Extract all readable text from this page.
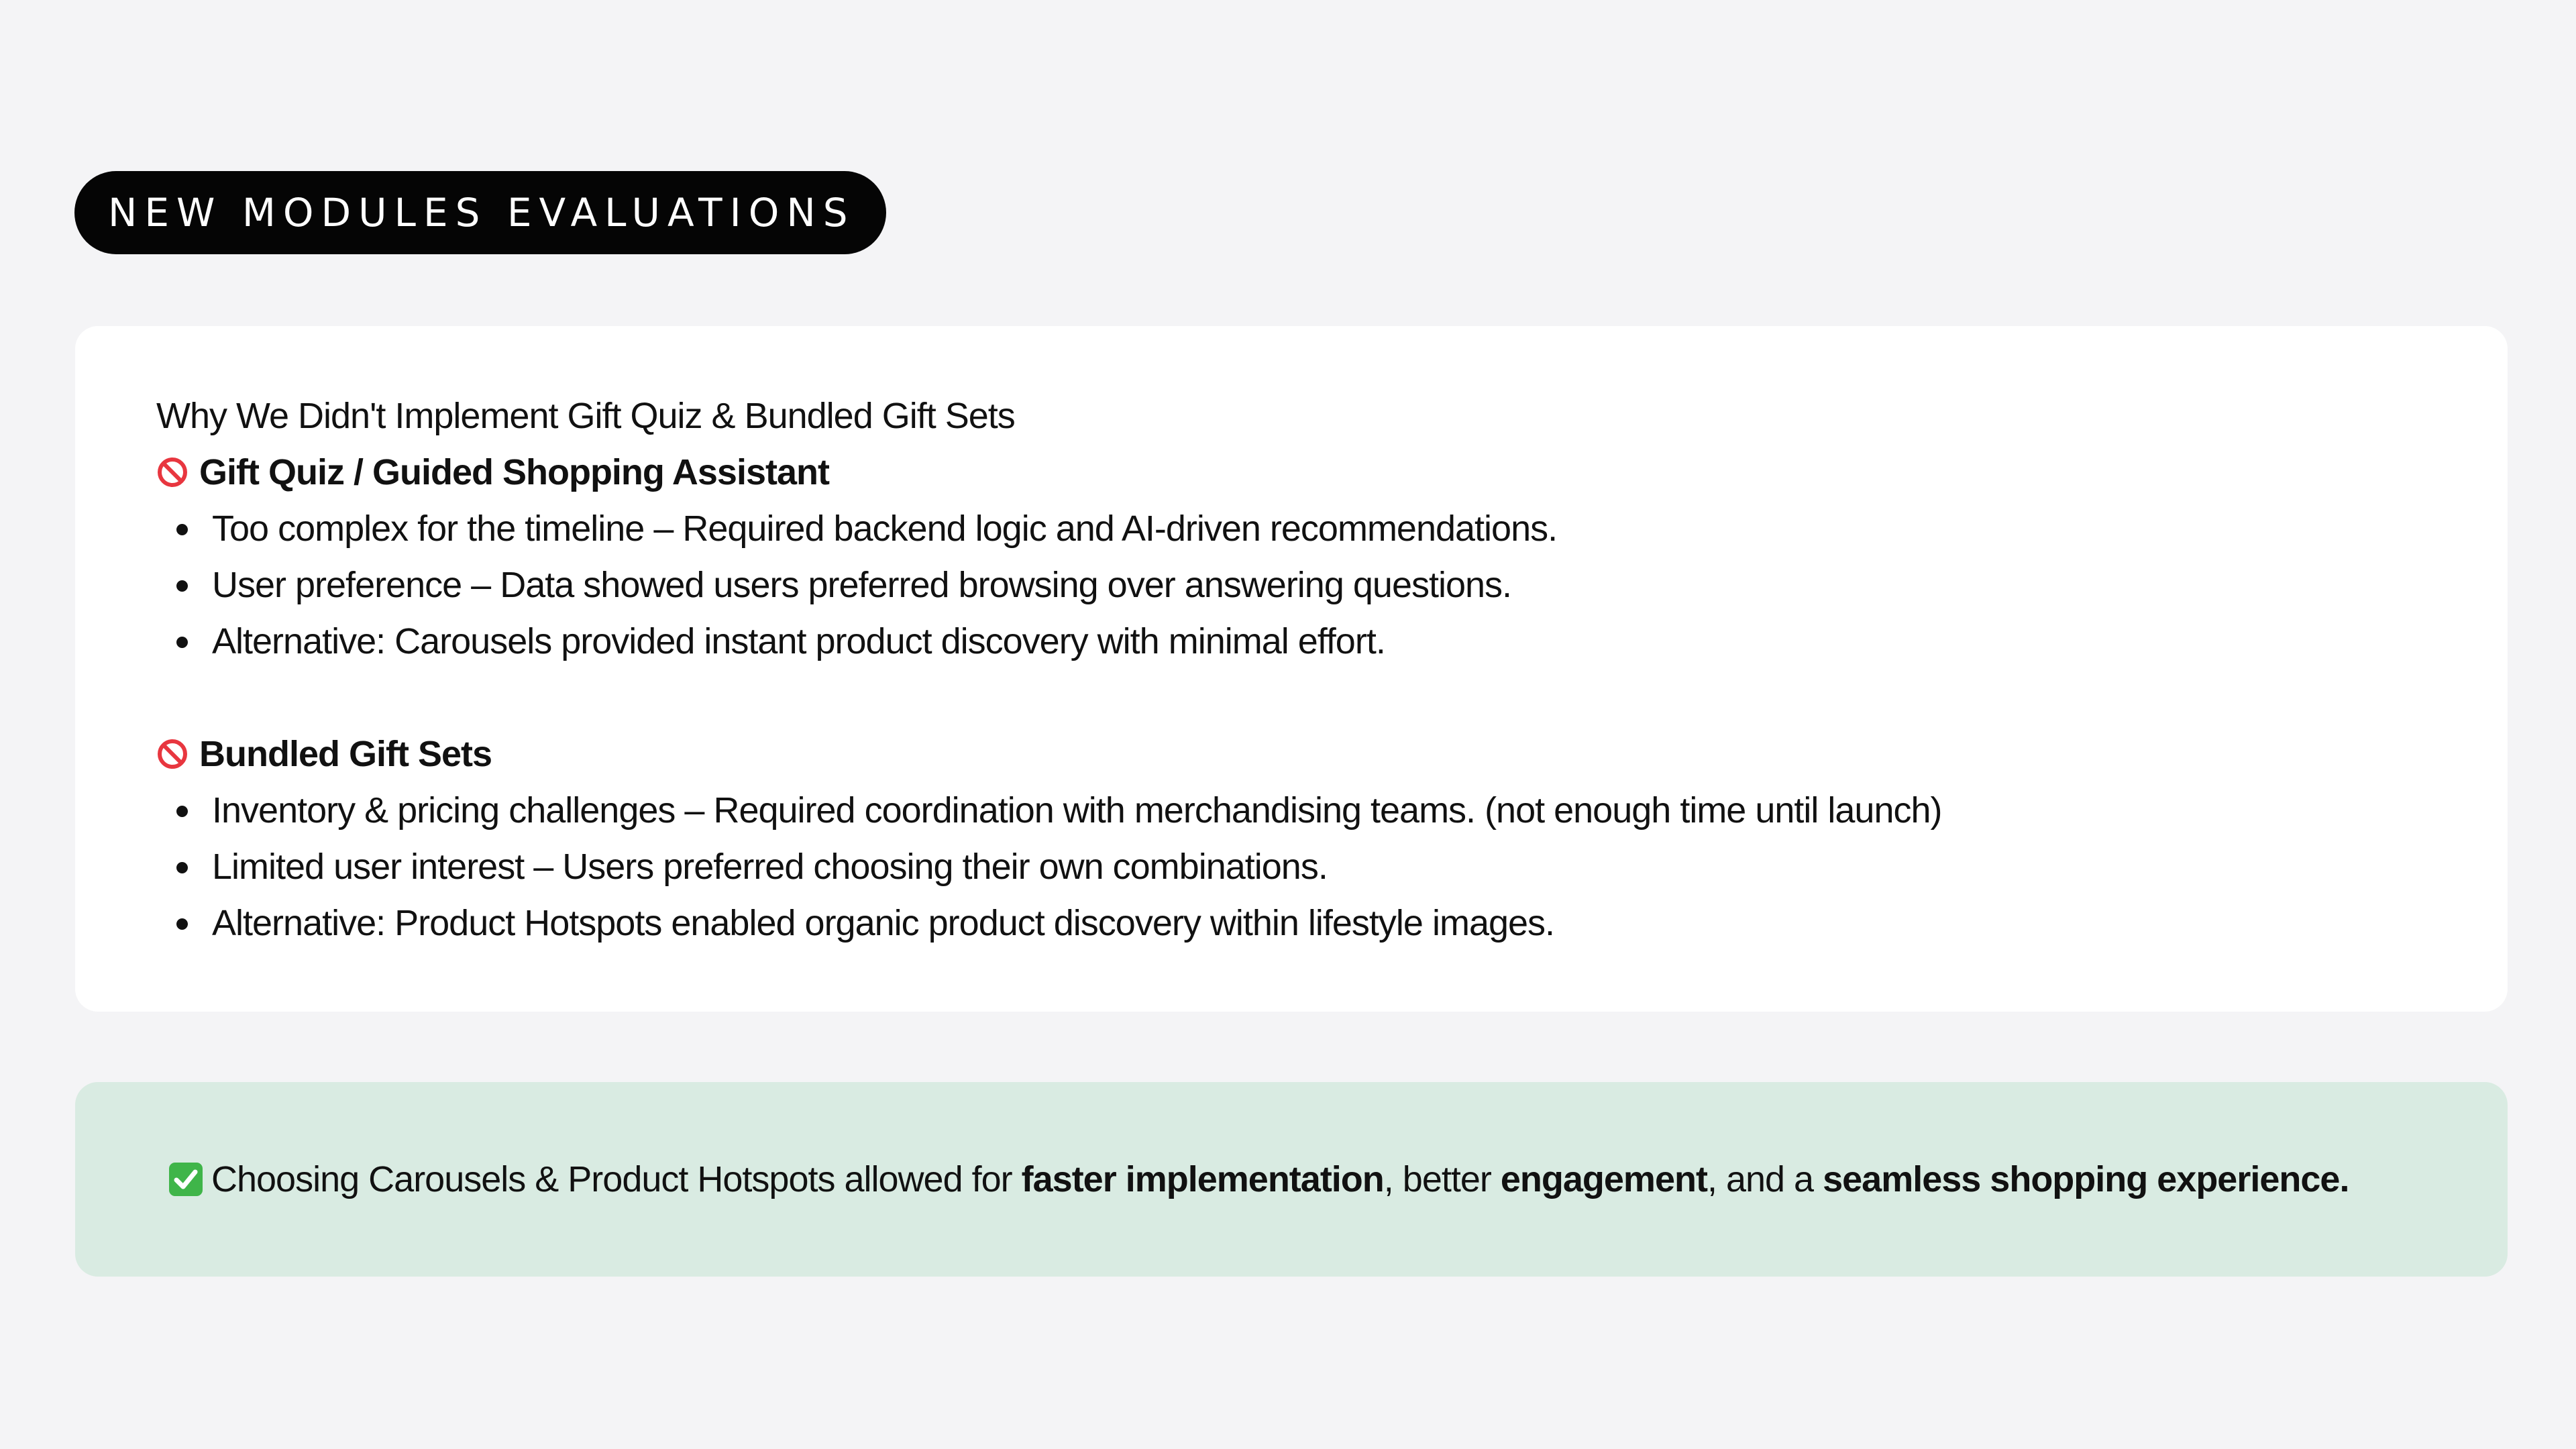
NEW MODULES EVALUATIONS
Why We Didn't Implement Gift Quiz & Bundled Gift Sets
Gift Quiz / Guided Shopping Assistant
Too complex for the timeline – Required backend logic and AI-driven recommendations.
User preference – Data showed users preferred browsing over answering questions.
Alternative: Carousels provided instant product discovery with minimal effort.
Bundled Gift Sets
Inventory & pricing challenges – Required coordination with merchandising teams. (not enough time until launch)
Limited user interest – Users preferred choosing their own combinations.
Alternative: Product Hotspots enabled organic product discovery within lifestyle images.
Choosing Carousels & Product Hotspots allowed for
faster implementation , better engagement , and a seamless shopping experience.
